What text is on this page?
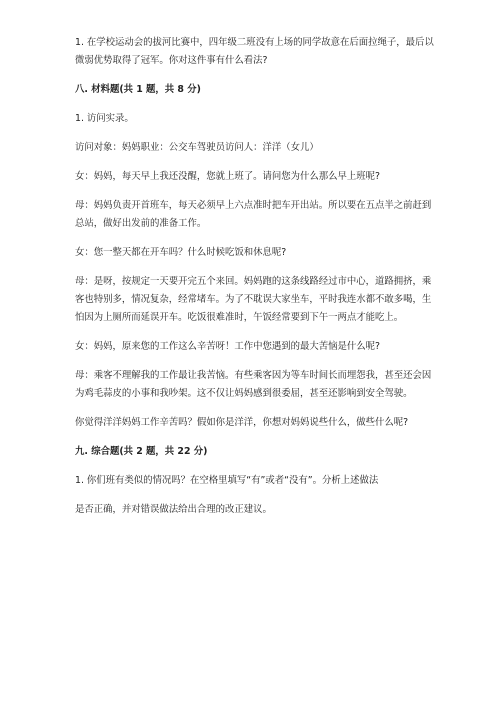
1. 在学校运动会的拔河比赛中，四年级二班没有上场的同学故意在后面拉绳子，最后以微弱优势取得了冠军。你对这件事有什么看法?

八. 材料题(共 1 题，共 8 分)

1. 访问实录。

访问对象：妈妈职业：公交车驾驶员访问人：洋洋（女儿）

女：妈妈，每天早上我还没醒，您就上班了。请问您为什么那么早上班呢?

母：妈妈负责开首班车，每天必须早上六点准时把车开出站。所以要在五点半之前赶到总站，做好出发前的准备工作。

女：您一整天都在开车吗？什么时候吃饭和休息呢?

母：是呀，按规定一天要开完五个来回。妈妈跑的这条线路经过市中心，道路拥挤，乘客也特别多，情况复杂，经常堵车。为了不耽误大家坐车，平时我连水都不敢多喝，生怕因为上厕所而延误开车。吃饭很难准时，午饭经常要到下午一两点才能吃上。

女：妈妈，原来您的工作这么辛苦呀！工作中您遇到的最大苦恼是什么呢?

母：乘客不理解我的工作最让我苦恼。有些乘客因为等车时间长而埋怨我，甚至还会因为鸡毛蒜皮的小事和我吵架。这不仅让妈妈感到很委屈，甚至还影响到安全驾驶。

你觉得洋洋妈妈工作辛苦吗？假如你是洋洋，你想对妈妈说些什么，做些什么呢?

九. 综合题(共 2 题，共 22 分)

1. 你们班有类似的情况吗？在空格里填写“有”或者“没有”。分析上述做法

是否正确，并对错误做法给出合理的改正建议。
